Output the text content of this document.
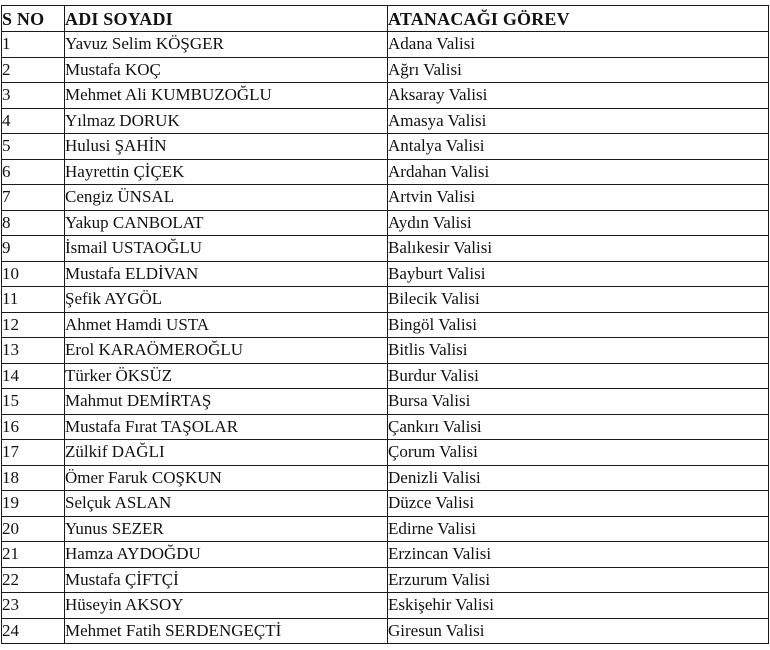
S NO	ADI SOYADI	ATANACAĞI GÖREV
1	Yavuz Selim KÖŞGER	Adana Valisi
2	Mustafa KOÇ	Ağrı Valisi
3	Mehmet Ali KUMBUZOĞLU	Aksaray Valisi
4	Yılmaz DORUK	Amasya Valisi
5	Hulusi ŞAHİN	Antalya Valisi
6	Hayrettin ÇİÇEK	Ardahan Valisi
7	Cengiz ÜNSAL	Artvin Valisi
8	Yakup CANBOLAT	Aydın Valisi
9	İsmail USTAOĞLU	Balıkesir Valisi
10	Mustafa ELDİVAN	Bayburt Valisi
11	Şefik AYGÖL	Bilecik Valisi
12	Ahmet Hamdi USTA	Bingöl Valisi
13	Erol KARAÖMEROĞLU	Bitlis Valisi
14	Türker ÖKSÜZ	Burdur Valisi
15	Mahmut DEMİRTAŞ	Bursa Valisi
16	Mustafa Fırat TAŞOLAR	Çankırı Valisi
17	Zülkif DAĞLI	Çorum Valisi
18	Ömer Faruk COŞKUN	Denizli Valisi
19	Selçuk ASLAN	Düzce Valisi
20	Yunus SEZER	Edirne Valisi
21	Hamza AYDOĞDU	Erzincan Valisi
22	Mustafa ÇİFTÇİ	Erzurum Valisi
23	Hüseyin AKSOY	Eskişehir Valisi
24	Mehmet Fatih SERDENGEÇTİ	Giresun Valisi
